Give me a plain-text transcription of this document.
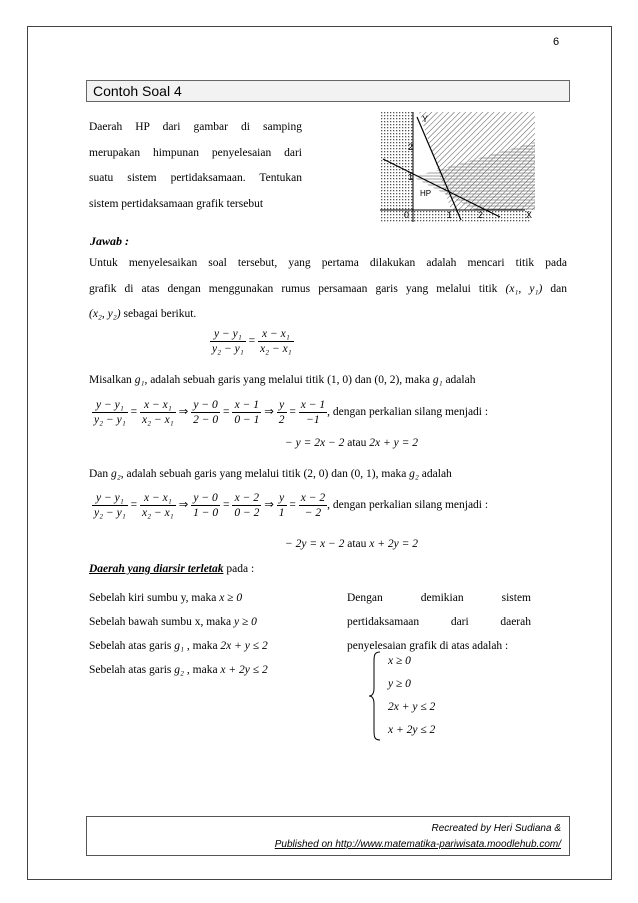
6
Contoh Soal 4
Daerah HP dari gambar di samping
merupakan himpunan penyelesaian dari
suatu sistem pertidaksamaan. Tentukan
sistem pertidaksamaan grafik tersebut
Y
X
HP
0	1	2
1
2
Jawab :
Untuk menyelesaikan soal tersebut, yang pertama dilakukan adalah mencari titik pada
grafik di atas dengan menggunakan rumus persamaan garis yang melalui titik (x₁, y₁) dan
(x₂, y₂) sebagai berikut.
$\frac{\text{y − y₁}}{\text{y₂ − y₁}} = \frac{\text{x − x₁}}{\text{x₂ − x₁}}$
Misalkan g₁, adalah sebuah garis yang melalui titik (1, 0) dan (0, 2), maka g₁ adalah
$\frac{\text{y − y₁}}{\text{y₂ − y₁}} = \frac{\text{x − x₁}}{\text{x₂ − x₁}}$ ⇒ $\frac{y - 0}{2 - 0} = \frac{x - 1}{0 - 1}$ ⇒ $\frac{y}{2} = \frac{x - 1}{-1}$ , dengan perkalian silang menjadi :
− y = 2x − 2 atau 2x + y = 2
Dan g₂, adalah sebuah garis yang melalui titik (2, 0) dan (0, 1), maka g₂ adalah
$\frac{\text{y − y₁}}{\text{y₂ − y₁}} = \frac{\text{x − x₁}}{\text{x₂ − x₁}}$ ⇒ $\frac{y - 0}{1 - 0} = \frac{x - 2}{0 - 2}$ ⇒ $\frac{y}{1} = \frac{x - 2}{- 2}$ , dengan perkalian silang menjadi :
− 2y = x − 2 atau x + 2y = 2
Daerah yang diarsir terletak pada :
Sebelah kiri sumbu y, maka x ≥ 0
Sebelah bawah sumbu x, maka y ≥ 0
Sebelah atas garis g₁ , maka 2x + y ≤ 2
Sebelah atas garis g₂ , maka x + 2y ≤ 2
Dengan demikian sistem
pertidaksamaan dari daerah
penyelesaian grafik di atas adalah :
x ≥ 0
y ≥ 0
2x + y ≤ 2
x + 2y ≤ 2
Recreated by Heri Sudiana &
Published on http://www.matematika-pariwisata.moodlehub.com/
